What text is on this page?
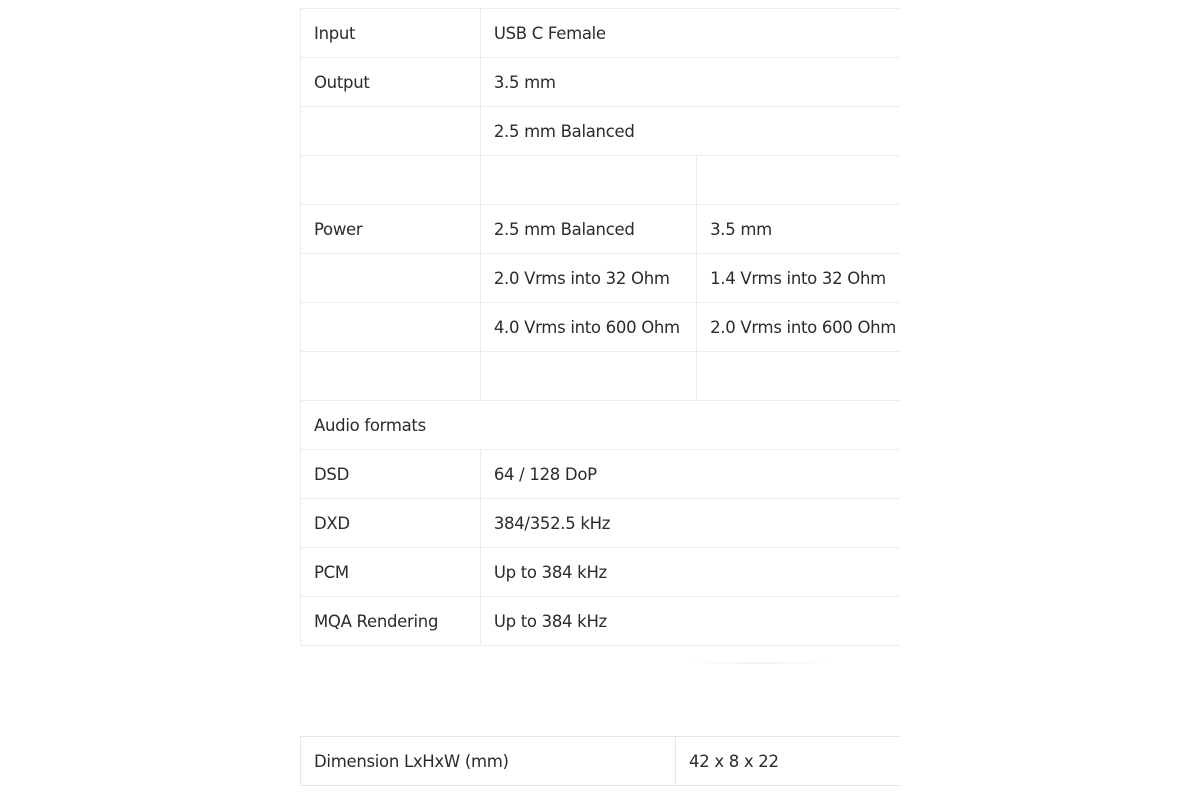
Input	USB C Female	
Output	3.5 mm	
	2.5 mm Balanced	

Power	2.5 mm Balanced	3.5 mm
	2.0 Vrms into 32 Ohm	1.4 Vrms into 32 Ohm
	4.0 Vrms into 600 Ohm	2.0 Vrms into 600 Ohm

Audio formats		
DSD	64 / 128 DoP	
DXD	384/352.5 kHz	
PCM	Up to 384 kHz	
MQA Rendering	Up to 384 kHz	
Dimension LxHxW (mm)	42 x 8 x 22
